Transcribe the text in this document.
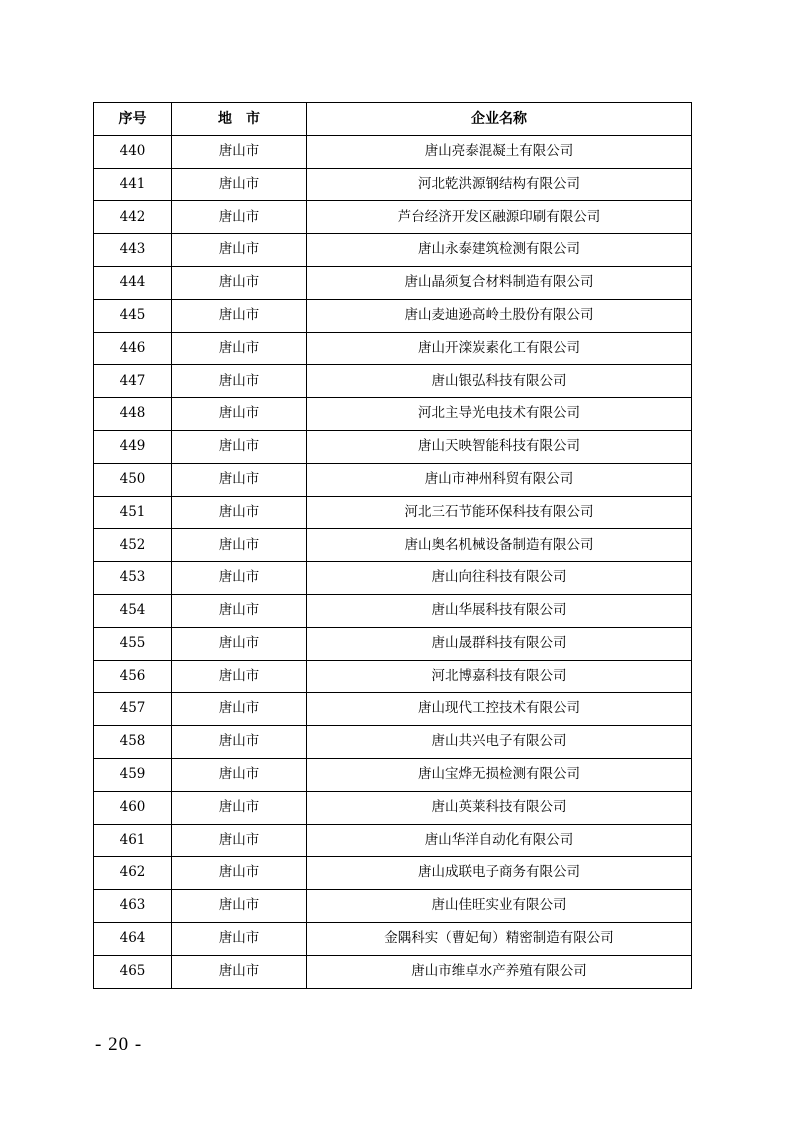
序号	地　市	企业名称
440	唐山市	唐山亮泰混凝土有限公司
441	唐山市	河北乾洪源钢结构有限公司
442	唐山市	芦台经济开发区融源印刷有限公司
443	唐山市	唐山永泰建筑检测有限公司
444	唐山市	唐山晶须复合材料制造有限公司
445	唐山市	唐山麦迪逊高岭土股份有限公司
446	唐山市	唐山开滦炭素化工有限公司
447	唐山市	唐山银弘科技有限公司
448	唐山市	河北主导光电技术有限公司
449	唐山市	唐山天映智能科技有限公司
450	唐山市	唐山市神州科贸有限公司
451	唐山市	河北三石节能环保科技有限公司
452	唐山市	唐山奥名机械设备制造有限公司
453	唐山市	唐山向往科技有限公司
454	唐山市	唐山华展科技有限公司
455	唐山市	唐山晟群科技有限公司
456	唐山市	河北博嘉科技有限公司
457	唐山市	唐山现代工控技术有限公司
458	唐山市	唐山共兴电子有限公司
459	唐山市	唐山宝烨无损检测有限公司
460	唐山市	唐山英莱科技有限公司
461	唐山市	唐山华洋自动化有限公司
462	唐山市	唐山成联电子商务有限公司
463	唐山市	唐山佳旺实业有限公司
464	唐山市	金隅科实（曹妃甸）精密制造有限公司
465	唐山市	唐山市维卓水产养殖有限公司
- 20 -
